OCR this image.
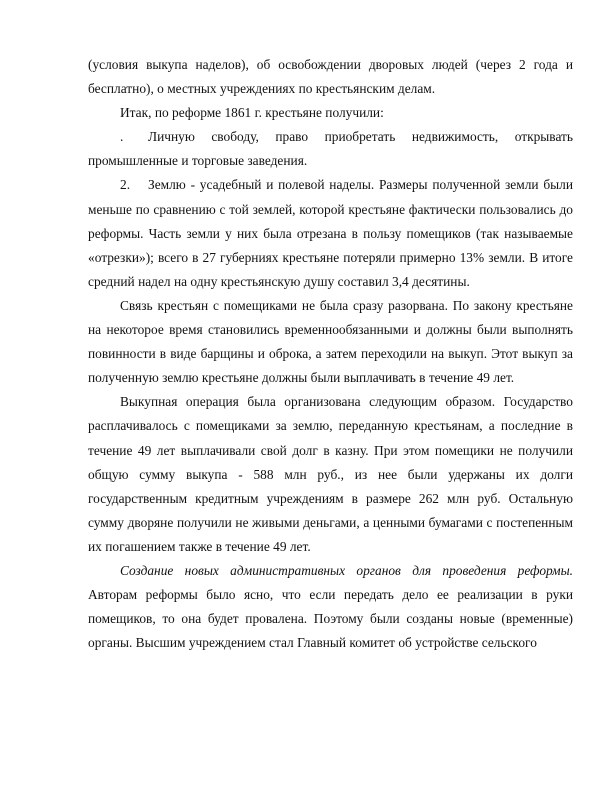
(условия выкупа наделов), об освобождении дворовых людей (через 2 года и бесплатно), о местных учреждениях по крестьянским делам.

Итак, по реформе 1861 г. крестьяне получили:

. Личную свободу, право приобретать недвижимость, открывать промышленные и торговые заведения.

2. Землю - усадебный и полевой наделы. Размеры полученной земли были меньше по сравнению с той землей, которой крестьяне фактически пользовались до реформы. Часть земли у них была отрезана в пользу помещиков (так называемые «отрезки»); всего в 27 губерниях крестьяне потеряли примерно 13% земли. В итоге средний надел на одну крестьянскую душу составил 3,4 десятины.

Связь крестьян с помещиками не была сразу разорвана. По закону крестьяне на некоторое время становились временнообязанными и должны были выполнять повинности в виде барщины и оброка, а затем переходили на выкуп. Этот выкуп за полученную землю крестьяне должны были выплачивать в течение 49 лет.

Выкупная операция была организована следующим образом. Государство расплачивалось с помещиками за землю, переданную крестьянам, а последние в течение 49 лет выплачивали свой долг в казну. При этом помещики не получили общую сумму выкупа - 588 млн руб., из нее были удержаны их долги государственным кредитным учреждениям в размере 262 млн руб. Остальную сумму дворяне получили не живыми деньгами, а ценными бумагами с постепенным их погашением также в течение 49 лет.

Создание новых административных органов для проведения реформы. Авторам реформы было ясно, что если передать дело ее реализации в руки помещиков, то она будет провалена. Поэтому были созданы новые (временные) органы. Высшим учреждением стал Главный комитет об устройстве сельского
